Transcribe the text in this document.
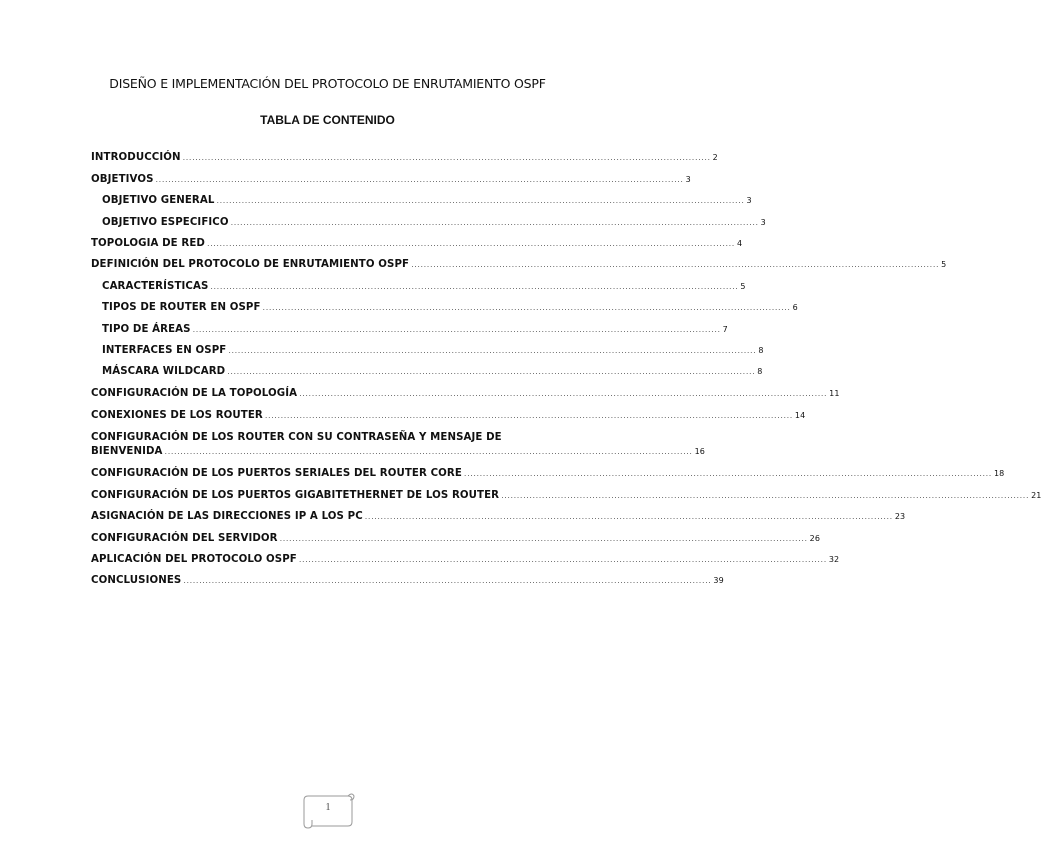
DISEÑO E IMPLEMENTACIÓN DEL PROTOCOLO DE ENRUTAMIENTO OSPF
TABLA DE CONTENIDO
INTRODUCCIÓN ........................................................................................................................................................................ 2
OBJETIVOS ........................................................................................................................................................................ 3
OBJETIVO GENERAL ........................................................................................................................................................................ 3
OBJETIVO ESPECIFICO ........................................................................................................................................................................ 3
TOPOLOGIA DE RED ........................................................................................................................................................................ 4
DEFINICIÓN DEL PROTOCOLO DE ENRUTAMIENTO OSPF ........................................................................................................................................................................ 5
CARACTERÍSTICAS ........................................................................................................................................................................ 5
TIPOS DE ROUTER EN OSPF ........................................................................................................................................................................ 6
TIPO DE ÁREAS ........................................................................................................................................................................ 7
INTERFACES EN OSPF ........................................................................................................................................................................ 8
MÁSCARA WILDCARD ........................................................................................................................................................................ 8
CONFIGURACIÓN DE LA TOPOLOGÍA ........................................................................................................................................................................ 11
CONEXIONES DE LOS ROUTER ........................................................................................................................................................................ 14
CONFIGURACIÓN DE LOS ROUTER CON SU CONTRASEÑA Y MENSAJE DE
BIENVENIDA ........................................................................................................................................................................ 16
CONFIGURACIÓN DE LOS PUERTOS SERIALES DEL ROUTER CORE ........................................................................................................................................................................ 18
CONFIGURACIÓN DE LOS PUERTOS GIGABITETHERNET DE LOS ROUTER ........................................................................................................................................................................ 21
ASIGNACIÓN DE LAS DIRECCIONES IP A LOS PC ........................................................................................................................................................................ 23
CONFIGURACIÓN DEL SERVIDOR ........................................................................................................................................................................ 26
APLICACIÓN DEL PROTOCOLO OSPF ........................................................................................................................................................................ 32
CONCLUSIONES ........................................................................................................................................................................ 39
1
